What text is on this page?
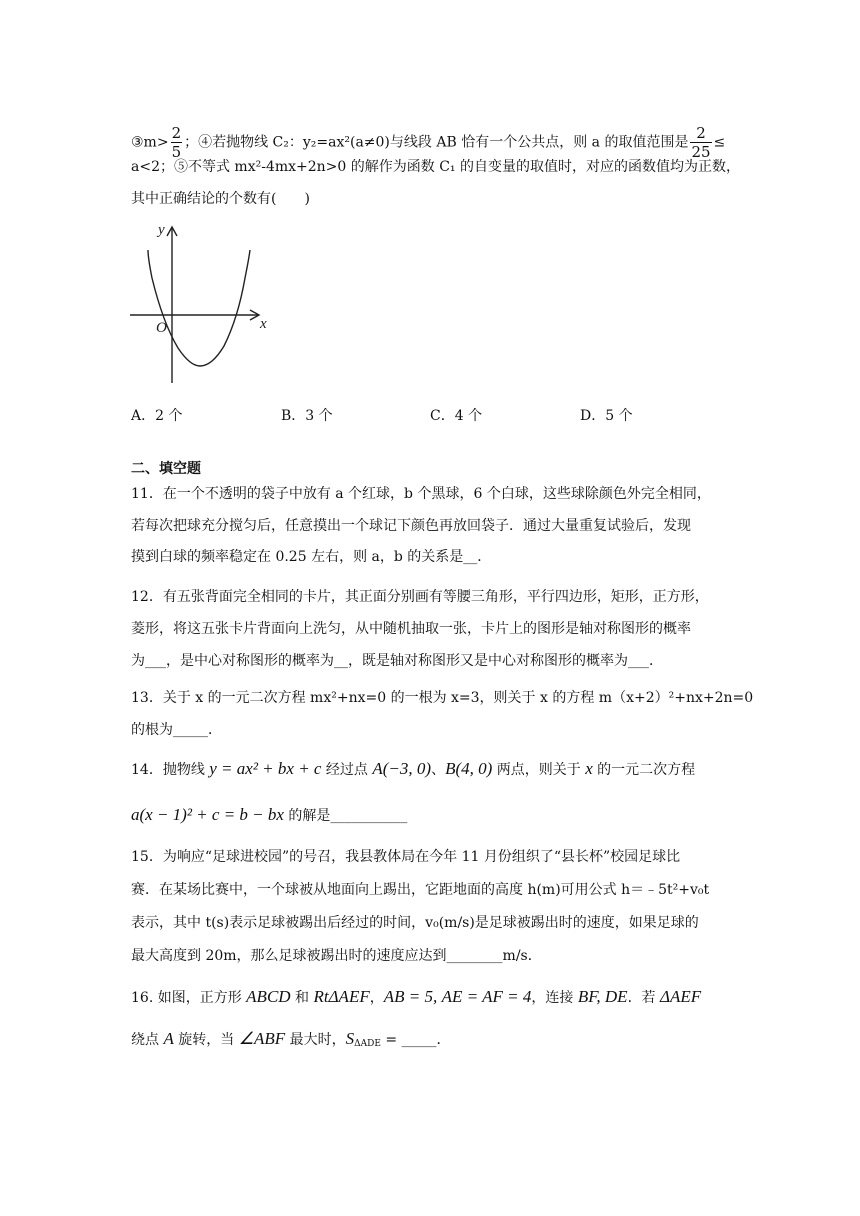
③m> $\frac{2}{5}$ ；④若抛物线 C₂：y₂=ax²(a≠0)与线段 AB 恰有一个公共点，则 a 的取值范围是 $\frac{2}{25}$ ≤
a<2；⑤不等式 mx²-4mx+2n>0 的解作为函数 C₁ 的自变量的取值时，对应的函数值均为正数，
其中正确结论的个数有(　　)
y
x
O
A．2 个	B．3 个	C．4 个	D．5 个
二、填空题
11．在一个不透明的袋子中放有 a 个红球，b 个黑球，6 个白球，这些球除颜色外完全相同，
若每次把球充分搅匀后，任意摸出一个球记下颜色再放回袋子．通过大量重复试验后，发现
摸到白球的频率稳定在 0.25 左右，则 a，b 的关系是__．
12．有五张背面完全相同的卡片，其正面分别画有等腰三角形，平行四边形，矩形，正方形，
菱形，将这五张卡片背面向上洗匀，从中随机抽取一张，卡片上的图形是轴对称图形的概率
为___，是中心对称图形的概率为__，既是轴对称图形又是中心对称图形的概率为___．
13．关于 x 的一元二次方程 mx²+nx=0 的一根为 x=3，则关于 x 的方程 m（x+2）²+nx+2n=0
的根为_____．
14．抛物线 y = ax² + bx + c 经过点 A(−3, 0)、B(4, 0) 两点，则关于 x 的一元二次方程
a(x − 1)² + c = b − bx 的解是___________
15．为响应“足球进校园”的号召，我县教体局在今年 11 月份组织了“县长杯”校园足球比
赛．在某场比赛中，一个球被从地面向上踢出，它距地面的高度 h(m)可用公式 h＝﹣5t²+v₀t
表示，其中 t(s)表示足球被踢出后经过的时间，v₀(m/s)是足球被踢出时的速度，如果足球的
最大高度到 20m，那么足球被踢出时的速度应达到________m/s．
16. 如图，正方形 ABCD 和 RtΔAEF，AB = 5, AE = AF = 4，连接 BF, DE．若 ΔAEF
绕点 A 旋转，当 ∠ABF 最大时，$S_{\Delta ADE}$ = _____．
